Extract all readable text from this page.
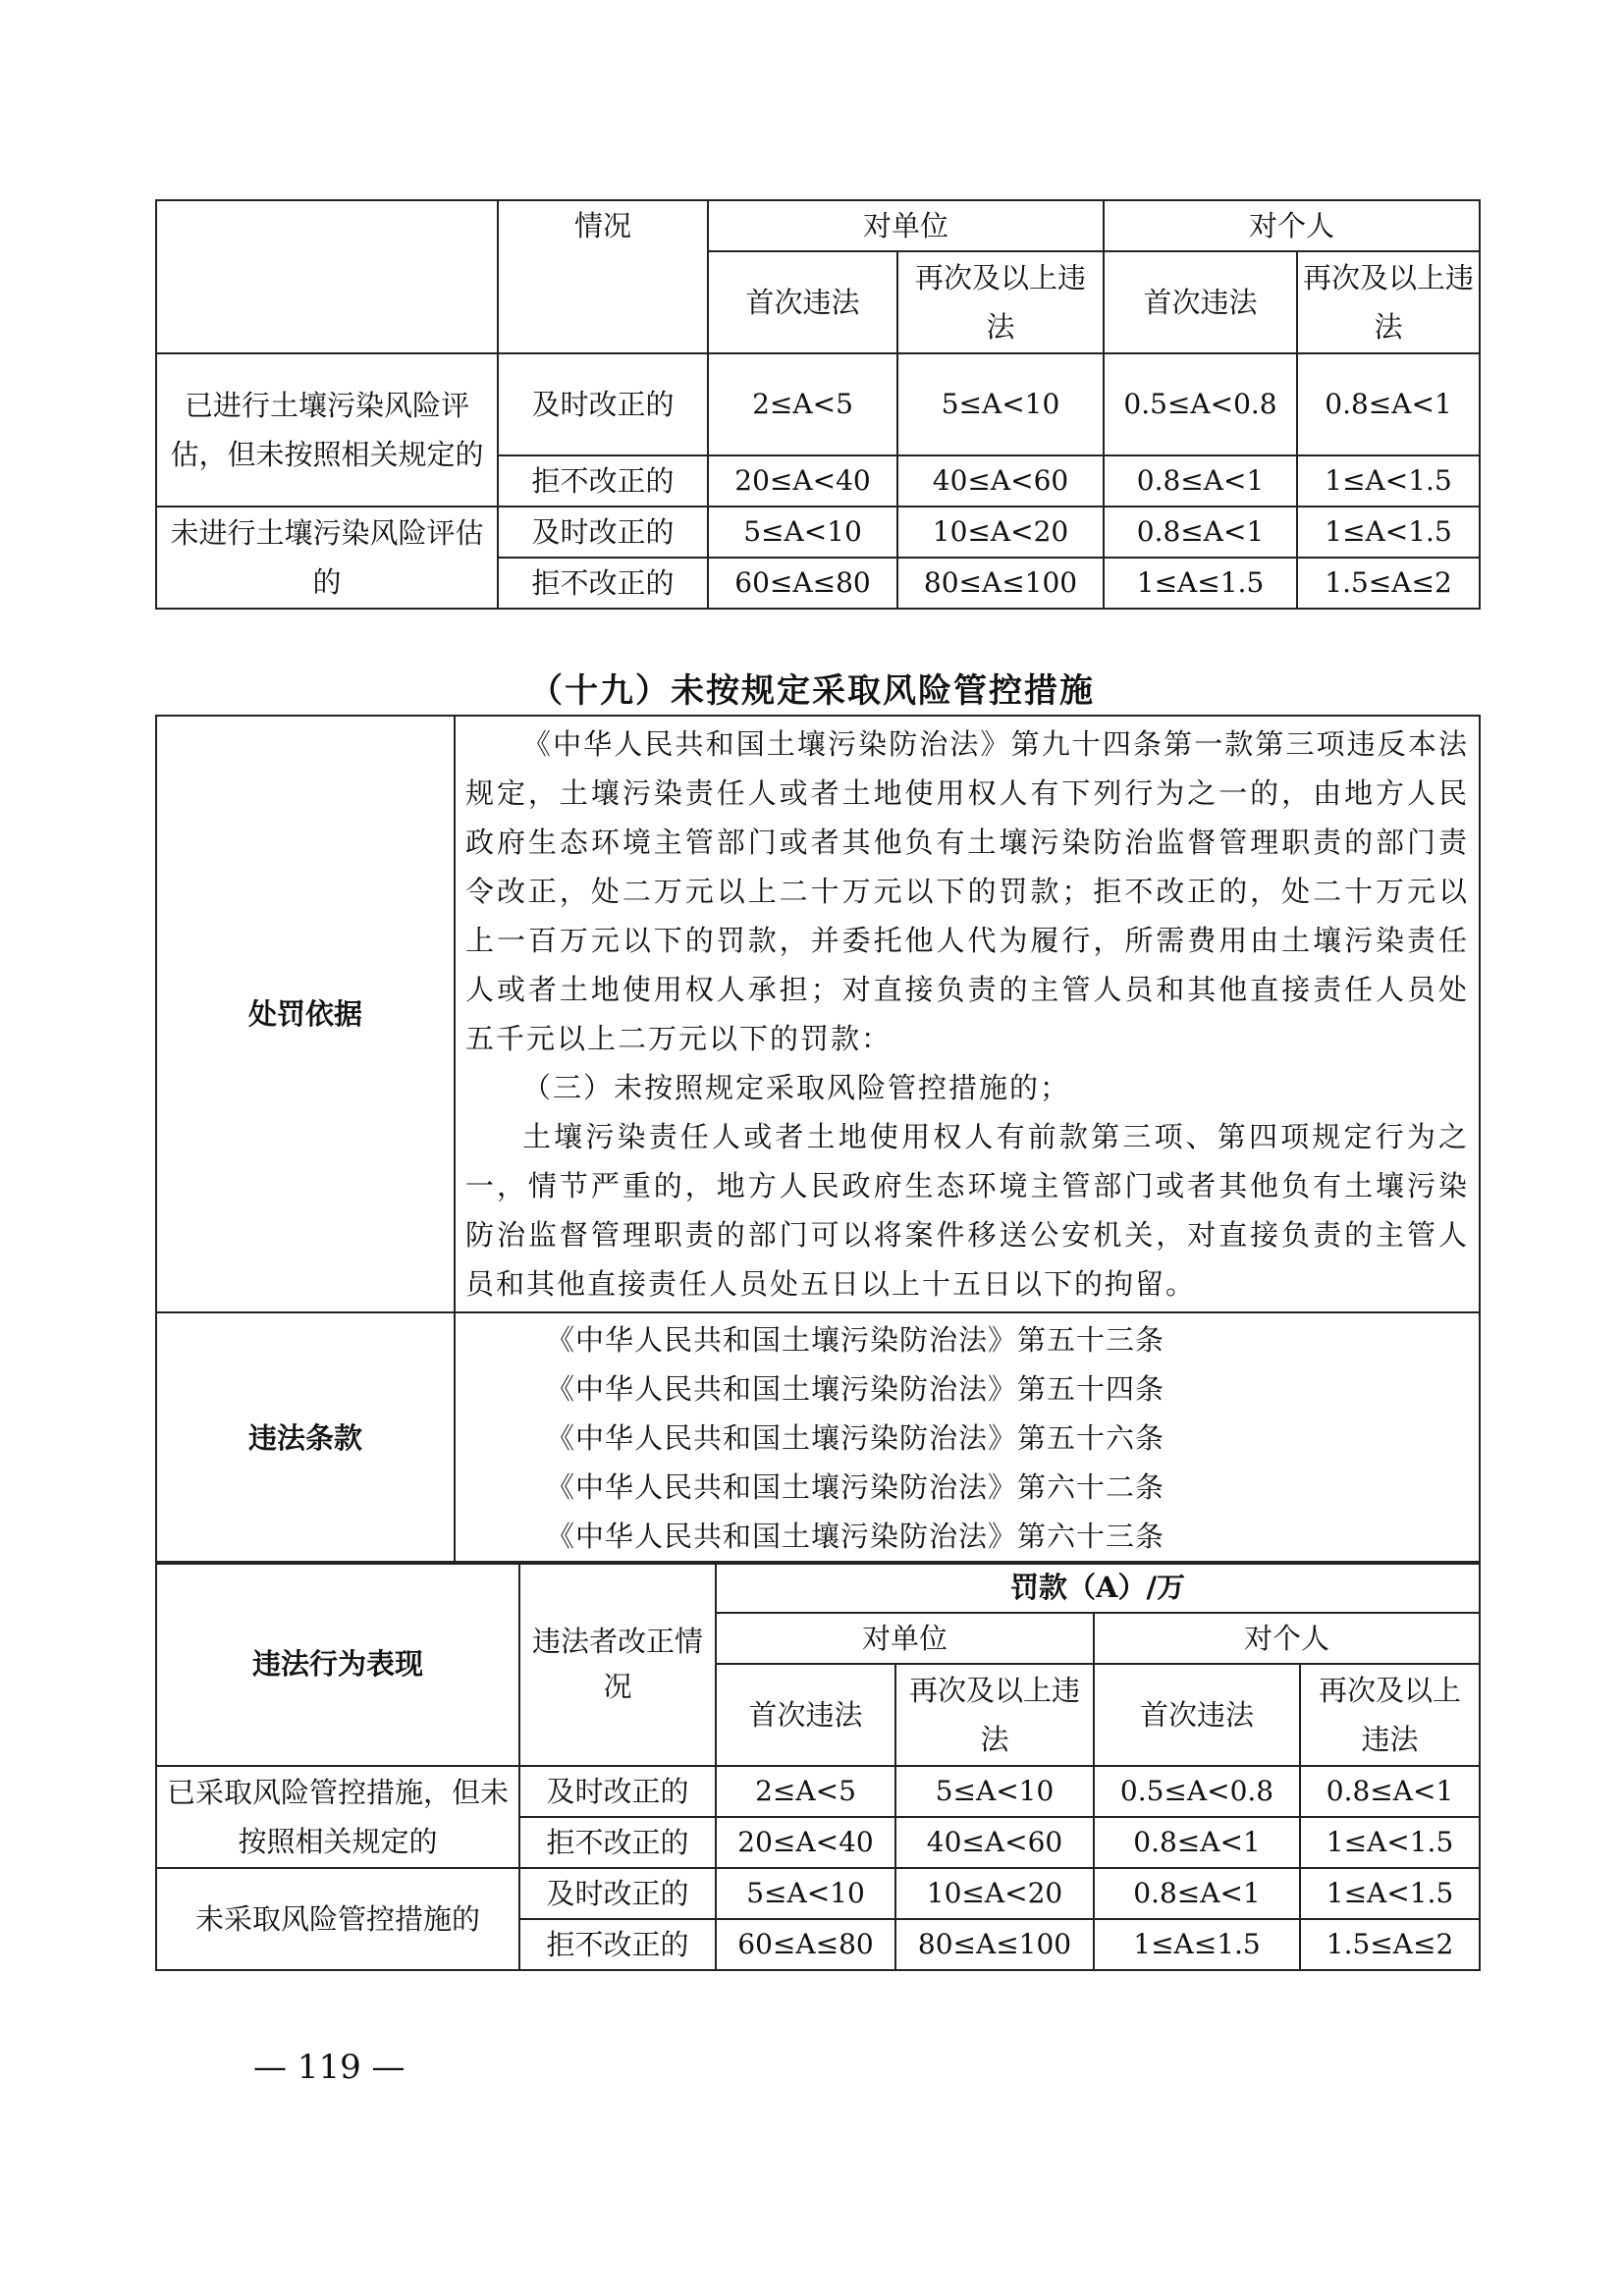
	情况	对单位		对个人	
		首次违法	再次及以上违法	首次违法	再次及以上违法
已进行土壤污染风险评估，但未按照相关规定的	及时改正的	2≤A<5	5≤A<10	0.5≤A<0.8	0.8≤A<1
	拒不改正的	20≤A<40	40≤A<60	0.8≤A<1	1≤A<1.5
未进行土壤污染风险评估的	及时改正的	5≤A<10	10≤A<20	0.8≤A<1	1≤A<1.5
	拒不改正的	60≤A≤80	80≤A≤100	1≤A≤1.5	1.5≤A≤2
（十九）未按规定采取风险管控措施
处罚依据	《中华人民共和国土壤污染防治法》第九十四条第一款第三项违反本法规定，土壤污染责任人或者土地使用权人有下列行为之一的，由地方人民政府生态环境主管部门或者其他负有土壤污染防治监督管理职责的部门责令改正，处二万元以上二十万元以下的罚款；拒不改正的，处二十万元以上一百万元以下的罚款，并委托他人代为履行，所需费用由土壤污染责任人或者土地使用权人承担；对直接负责的主管人员和其他直接责任人员处五千元以上二万元以下的罚款：

（三）未按照规定采取风险管控措施的；

土壤污染责任人或者土地使用权人有前款第三项、第四项规定行为之一，情节严重的，地方人民政府生态环境主管部门或者其他负有土壤污染防治监督管理职责的部门可以将案件移送公安机关，对直接负责的主管人员和其他直接责任人员处五日以上十五日以下的拘留。

违法条款	《中华人民共和国土壤污染防治法》第五十三条

《中华人民共和国土壤污染防治法》第五十四条

《中华人民共和国土壤污染防治法》第五十六条

《中华人民共和国土壤污染防治法》第六十二条

《中华人民共和国土壤污染防治法》第六十三条

违法行为表现	违法者改正情况	罚款（A）/万			
		对单位		对个人	
		首次违法	再次及以上违法	首次违法	再次及以上违法
已采取风险管控措施，但未按照相关规定的	及时改正的	2≤A<5	5≤A<10	0.5≤A<0.8	0.8≤A<1
	拒不改正的	20≤A<40	40≤A<60	0.8≤A<1	1≤A<1.5
未采取风险管控措施的	及时改正的	5≤A<10	10≤A<20	0.8≤A<1	1≤A<1.5
	拒不改正的	60≤A≤80	80≤A≤100	1≤A≤1.5	1.5≤A≤2

— 119 —
